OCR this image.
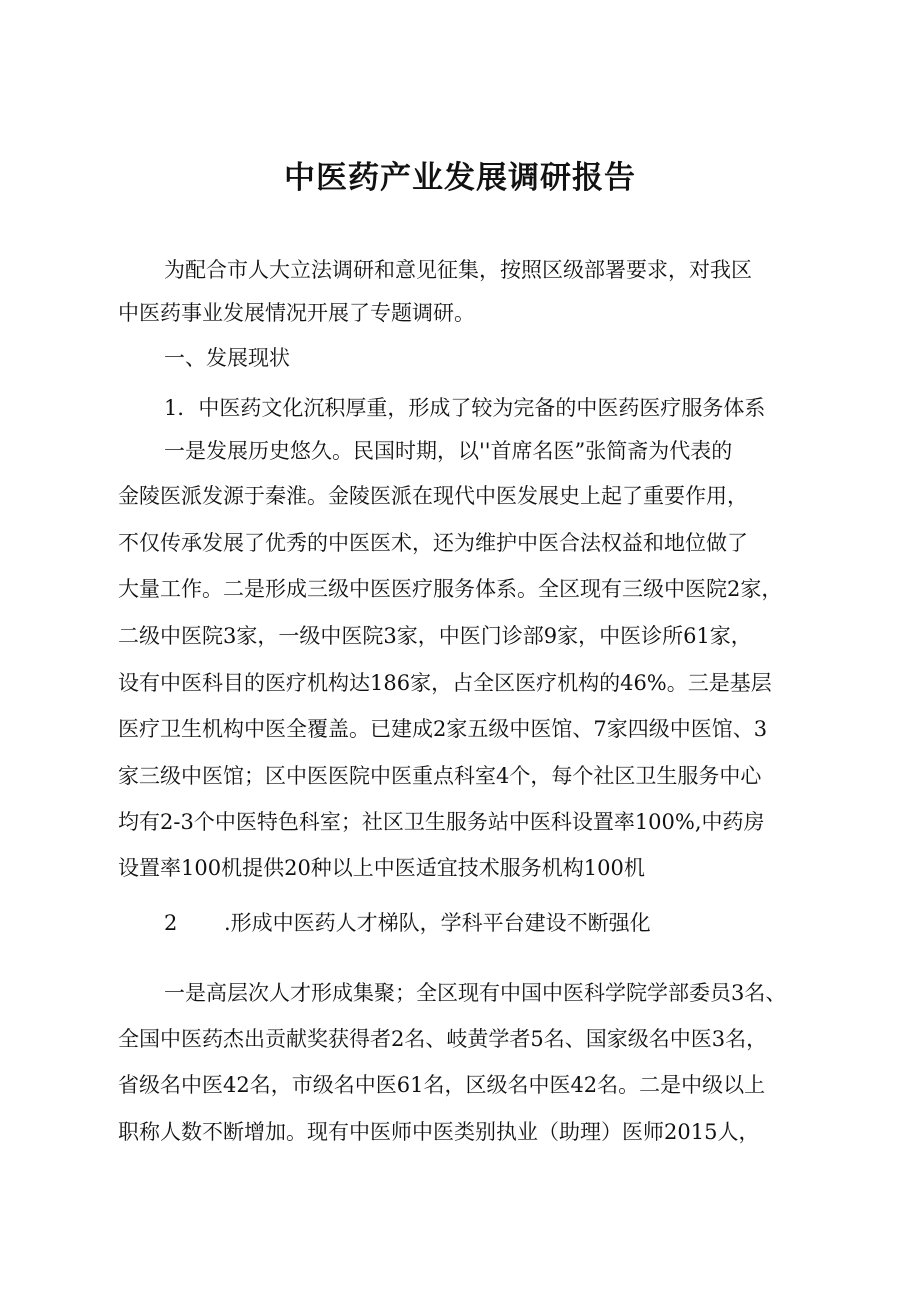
中医药产业发展调研报告

为配合市人大立法调研和意见征集，按照区级部署要求，对我区

中医药事业发展情况开展了专题调研。

一、发展现状

1．中医药文化沉积厚重，形成了较为完备的中医药医疗服务体系

一是发展历史悠久。民国时期，以''首席名医”张简斋为代表的

金陵医派发源于秦淮。金陵医派在现代中医发展史上起了重要作用，

不仅传承发展了优秀的中医医术，还为维护中医合法权益和地位做了

大量工作。二是形成三级中医医疗服务体系。全区现有三级中医院2家，

二级中医院3家，一级中医院3家，中医门诊部9家，中医诊所61家，

设有中医科目的医疗机构达186家，占全区医疗机构的46%。三是基层

医疗卫生机构中医全覆盖。已建成2家五级中医馆、7家四级中医馆、3

家三级中医馆；区中医医院中医重点科室4个，每个社区卫生服务中心

均有2-3个中医特色科室；社区卫生服务站中医科设置率100%,中药房

设置率100机提供20种以上中医适宜技术服务机构100机

2 .形成中医药人才梯队，学科平台建设不断强化

一是高层次人才形成集聚；全区现有中国中医科学院学部委员3名、

全国中医药杰出贡献奖获得者2名、岐黄学者5名、国家级名中医3名，

省级名中医42名，市级名中医61名，区级名中医42名。二是中级以上

职称人数不断增加。现有中医师中医类别执业（助理）医师2015人，
